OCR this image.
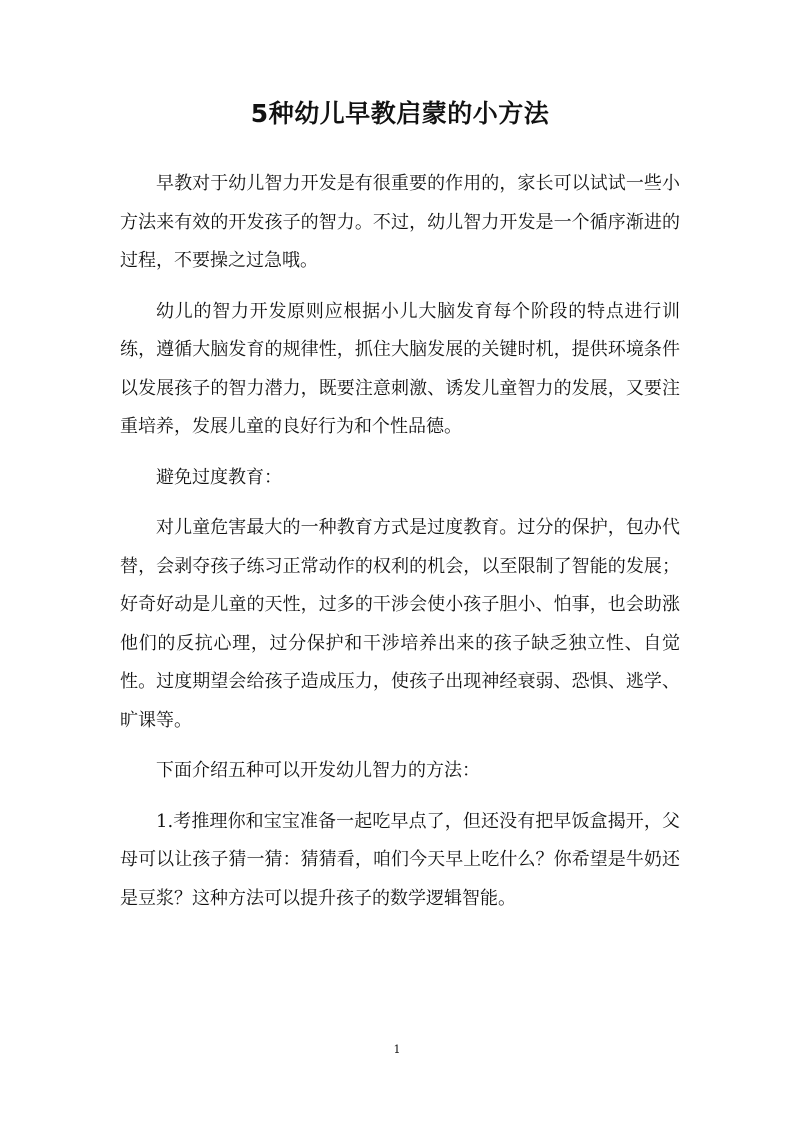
5种幼儿早教启蒙的小方法

早教对于幼儿智力开发是有很重要的作用的，家长可以试试一些小方法来有效的开发孩子的智力。不过，幼儿智力开发是一个循序渐进的过程，不要操之过急哦。

幼儿的智力开发原则应根据小儿大脑发育每个阶段的特点进行训练，遵循大脑发育的规律性，抓住大脑发展的关键时机，提供环境条件以发展孩子的智力潜力，既要注意刺激、诱发儿童智力的发展，又要注重培养，发展儿童的良好行为和个性品德。

避免过度教育：

对儿童危害最大的一种教育方式是过度教育。过分的保护，包办代替，会剥夺孩子练习正常动作的权利的机会，以至限制了智能的发展；好奇好动是儿童的天性，过多的干涉会使小孩子胆小、怕事，也会助涨他们的反抗心理，过分保护和干涉培养出来的孩子缺乏独立性、自觉性。过度期望会给孩子造成压力，使孩子出现神经衰弱、恐惧、逃学、旷课等。

下面介绍五种可以开发幼儿智力的方法：

1.考推理你和宝宝准备一起吃早点了，但还没有把早饭盒揭开，父母可以让孩子猜一猜：猜猜看，咱们今天早上吃什么？你希望是牛奶还是豆浆？这种方法可以提升孩子的数学逻辑智能。

1
